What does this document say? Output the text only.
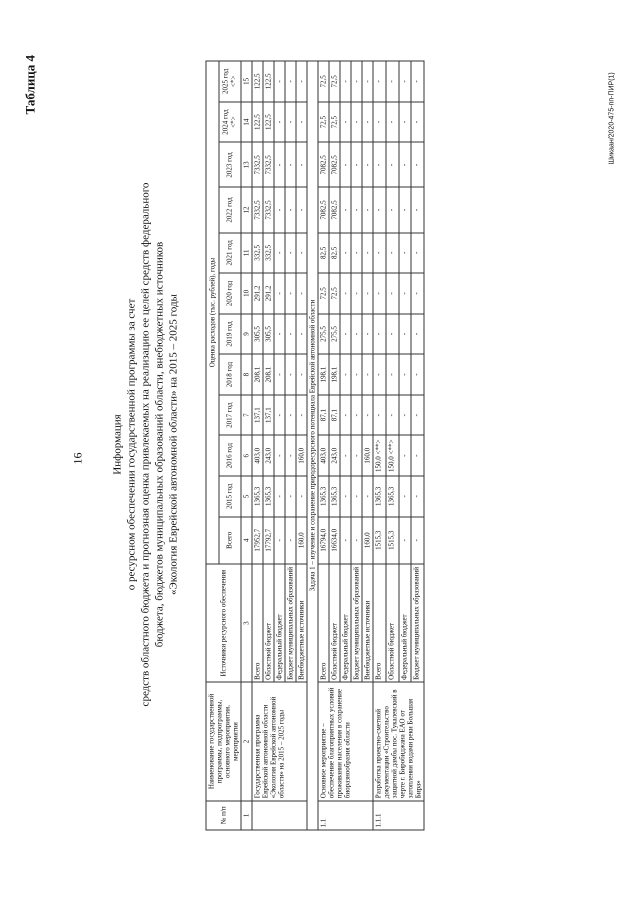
16
Таблица 4
Информация о ресурсном обеспечении государственной программы за счет средств областного бюджета и прогнозная оценка привлекаемых на реализацию ее целей средств федерального бюджета, бюджетов муниципальных образований области, внебюджетных источников «Экология Еврейской автономной области» на 2015 – 2025 годы
№ п/п	Наименование государственной программы, подпрограммы, основного мероприятия, мероприятия	Источники ресурсного обеспечения	Оценка расходов (тыс. рублей), годы											
			Всего	2015 год	2016 год	2017 год	2018 год	2019 год	2020 год	2021 год	2022 год	2023 год	2024 год <*>	2025 год <*>
1	2	3	4	5	6	7	8	9	10	11	12	13	14	15
	Государственная программа Еврейской автономной области «Экология Еврейской автономной области» на 2015 – 2025 годы	Всего	17952,7	1365,3	403,0	137,1	208,1	305,5	291,2	332,5	7332,5	7332,5	122,5	122,5
		Областной бюджет	17792,7	1365,3	243,0	137,1	208,1	305,5	291,2	332,5	7332,5	7332,5	122,5	122,5
		Федеральный бюджет	-	-	-	-	-	-	-	-	-	-	-	-
		Бюджет муниципальных образований	-	-	-	-	-	-	-	-	-	-	-	-
		Внебюджетные источники	160,0	-	160,0	-	-	-	-	-	-	-	-	-
Задача 1 – изучение и сохранение природоресурсного потенциала Еврейской автономной области														
1.1	Основное мероприятие – обеспечение благоприятных условий проживания населения в сохранение биоразнообразия области	Всего	16794,0	1365,3	403,0	87,1	198,1	275,5	72,5	82,5	7082,5	7082,5	72,5	72,5
		Областной бюджет	16634,0	1365,3	243,0	87,1	198,1	275,5	72,5	82,5	7082,5	7082,5	72,5	72,5
		Федеральный бюджет	-	-	-	-	-	-	-	-	-	-	-	-
		Бюджет муниципальных образований	-	-	-	-	-	-	-	-	-	-	-	-
		Внебюджетные источники	160,0	-	160,0	-	-	-	-	-	-	-	-	-
1.1.1	Разработка проектно-сметной документации «Строительство защитной дамбы пос. Тукалевский в черте г. Биробиджана ЕАО от затопления водами реки Большая Бира»	Всего	1515,3	1365,3	150,0 <**>	-	-	-	-	-	-	-	-	-
		Областной бюджет	1515,3	1365,3	150,0 <**>	-	-	-	-	-	-	-	-	-
		Федеральный бюджет	-	-	-	-	-	-	-	-	-	-	-	-
		Бюджет муниципальных образований	-	-	-	-	-	-	-	-	-	-	-	-	Шикаан/2020-475-пп-ПИР(1)
